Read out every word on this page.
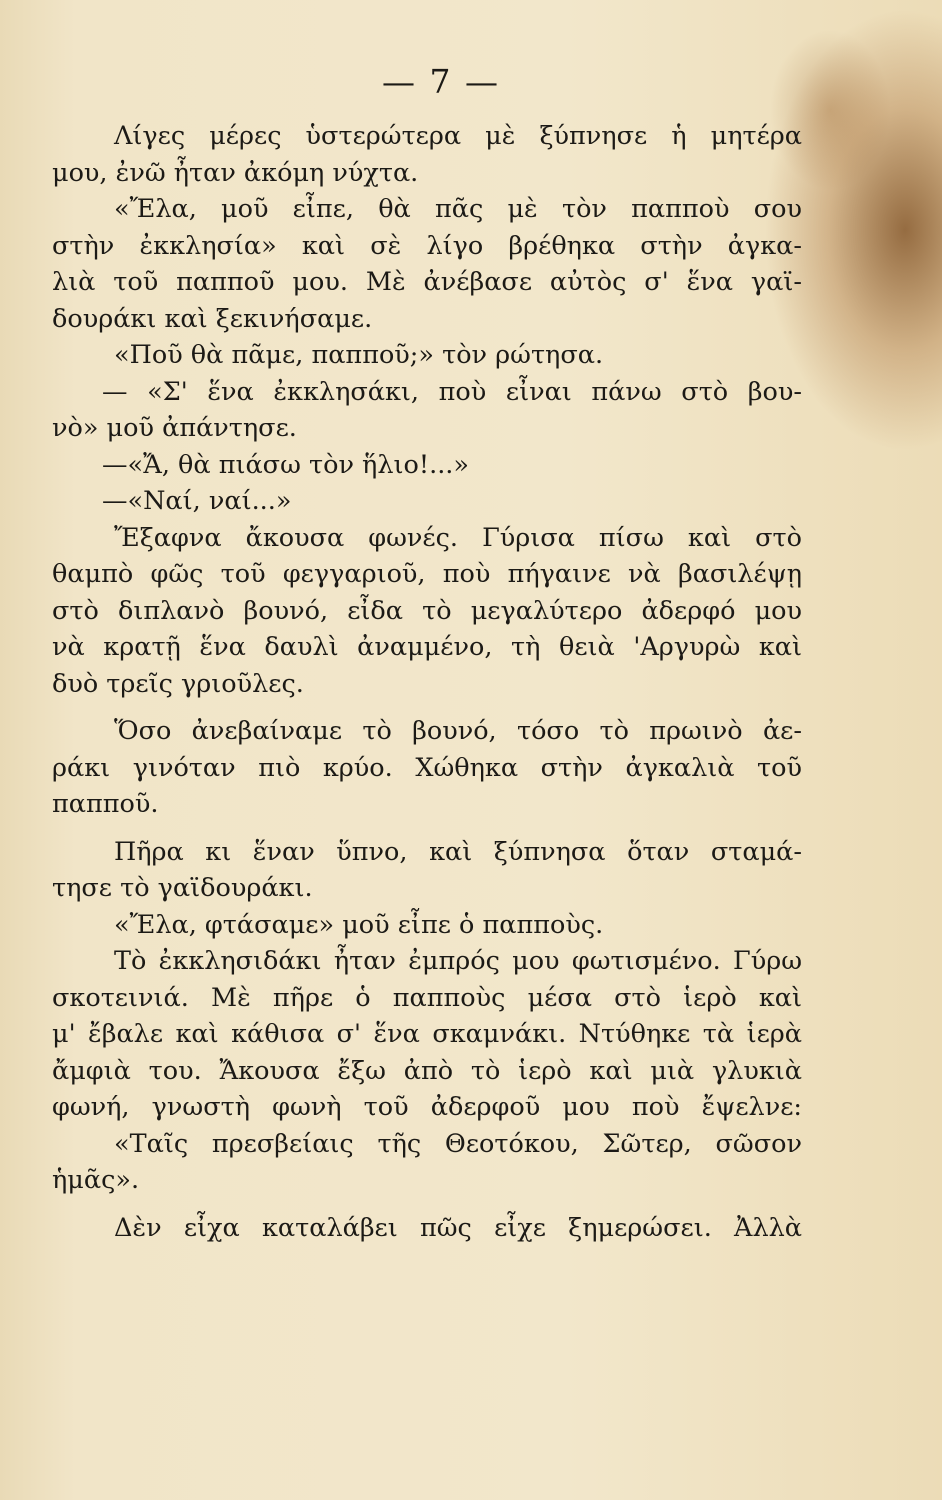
— 7 —
Λίγες μέρες ὑστερώτερα μὲ ξύπνησε ἡ μητέρα
μου, ἐνῶ ἦταν ἀκόμη νύχτα.
«Ἔλα, μοῦ εἶπε, θὰ πᾶς μὲ τὸν παπποὺ σου
στὴν ἐκκλησία» καὶ σὲ λίγο βρέθηκα στὴν ἀγκα-
λιὰ τοῦ παπποῦ μου. Μὲ ἀνέβασε αὐτὸς σ' ἕνα γαϊ-
δουράκι καὶ ξεκινήσαμε.
«Ποῦ θὰ πᾶμε, παπποῦ;» τὸν ρώτησα.
— «Σ' ἕνα ἐκκλησάκι, ποὺ εἶναι πάνω στὸ βου-
νὸ» μοῦ ἀπάντησε.
—«Ἄ, θὰ πιάσω τὸν ἥλιο!...»
—«Ναί, ναί...»
Ἔξαφνα ἄκουσα φωνές. Γύρισα πίσω καὶ στὸ
θαμπὸ φῶς τοῦ φεγγαριοῦ, ποὺ πήγαινε νὰ βασιλέψῃ
στὸ διπλανὸ βουνό, εἶδα τὸ μεγαλύτερο ἀδερφό μου
νὰ κρατῇ ἕνα δαυλὶ ἀναμμένο, τὴ θειὰ 'Αργυρὼ καὶ
δυὸ τρεῖς γριοῦλες.
Ὅσο ἀνεβαίναμε τὸ βουνό, τόσο τὸ πρωινὸ ἀε-
ράκι γινόταν πιὸ κρύο. Χώθηκα στὴν ἀγκαλιὰ τοῦ
παπποῦ.
Πῆρα κι ἕναν ὕπνο, καὶ ξύπνησα ὅταν σταμά-
τησε τὸ γαϊδουράκι.
«Ἔλα, φτάσαμε» μοῦ εἶπε ὁ παπποὺς.
Τὸ ἐκκλησιδάκι ἦταν ἐμπρός μου φωτισμένο. Γύρω
σκοτεινιά. Μὲ πῆρε ὁ παπποὺς μέσα στὸ ἱερὸ καὶ
μ' ἔβαλε καὶ κάθισα σ' ἕνα σκαμνάκι. Ντύθηκε τὰ ἱερὰ
ἄμφιὰ του. Ἄκουσα ἔξω ἀπὸ τὸ ἱερὸ καὶ μιὰ γλυκιὰ
φωνή, γνωστὴ φωνὴ τοῦ ἀδερφοῦ μου ποὺ ἔψελνε:
«Ταῖς πρεσβείαις τῆς Θεοτόκου, Σῶτερ, σῶσον
ἡμᾶς».
Δὲν εἶχα καταλάβει πῶς εἶχε ξημερώσει. Ἀλλὰ
